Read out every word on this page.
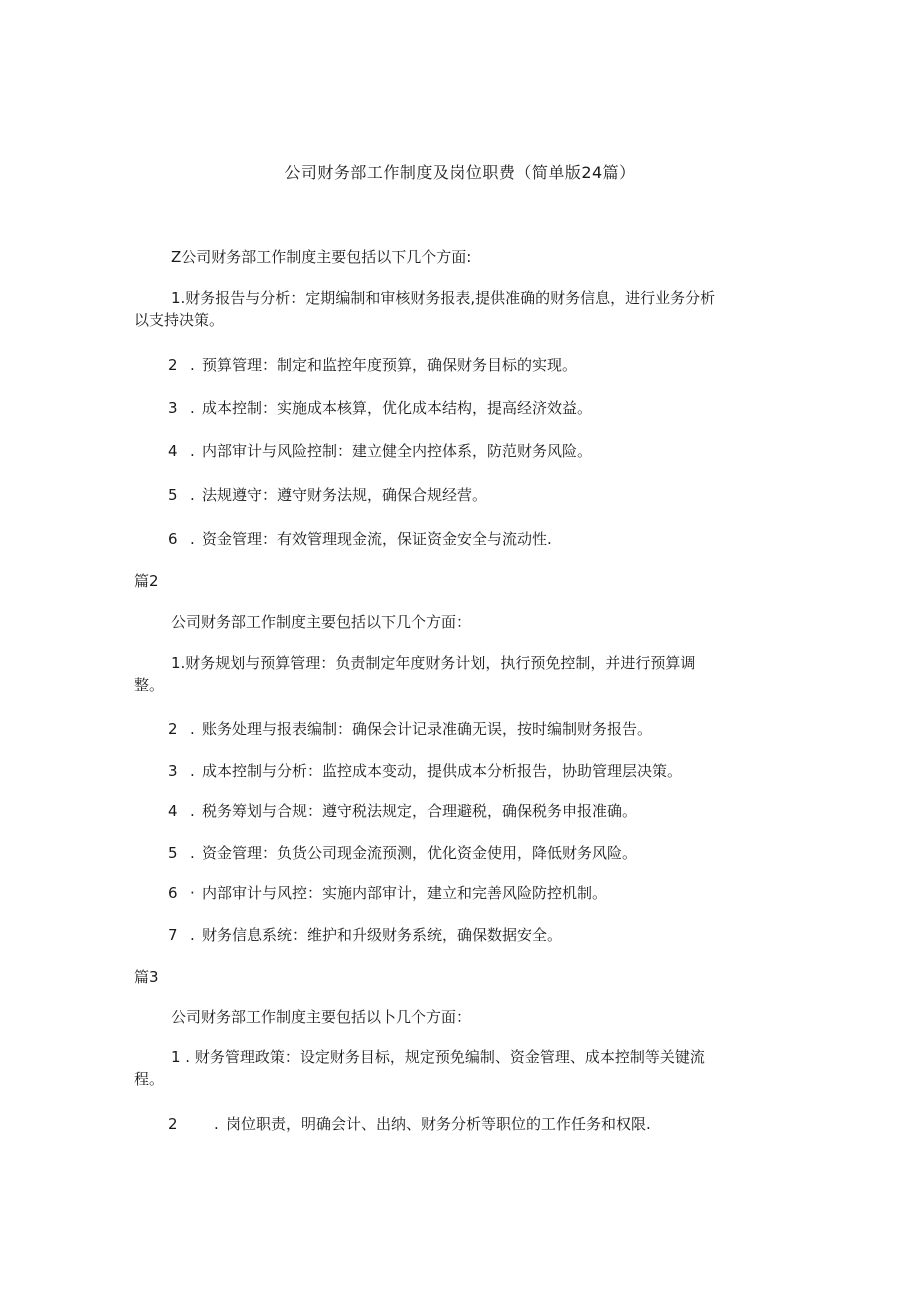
公司财务部工作制度及岗位职费（简单版24篇）
Z公司财务部工作制度主要包括以下几个方面:
1.财务报告与分析：定期编制和审核财务报表,提供准确的财务信息，进行业务分析
以支持决策。
2 . 预算管理：制定和监控年度预算，确保财务目标的实现。
3 . 成本控制：实施成本核算，优化成本结构，提高经济效益。
4 . 内部审计与风险控制：建立健全内控体系，防范财务风险。
5 . 法规遵守：遵守财务法规，确保合规经营。
6 . 资金管理：有效管理现金流，保证资金安全与流动性.
篇2
公司财务部工作制度主要包括以下几个方面：
1.财务规划与预算管理：负责制定年度财务计划，执行预免控制，并进行预算调
整。
2 . 账务处理与报表编制：确保会计记录准确无误，按时编制财务报告。
3 . 成本控制与分析：监控成本变动，提供成本分析报告，协助管理层决策。
4 . 税务筹划与合规：遵守税法规定，合理避税，确保税务申报准确。
5 . 资金管理：负货公司现金流预测，优化资金使用，降低财务风险。
6 · 内部审计与风控：实施内部审计，建立和完善风险防控机制。
7 . 财务信息系统：维护和升级财务系统，确保数据安全。
篇3
公司财务部工作制度主要包括以卜几个方面：
1 . 财务管理政策：设定财务目标，规定预免编制、资金管理、成本控制等关键流
程。
2 . 岗位职责，明确会计、出纳、财务分析等职位的工作任务和权限.
